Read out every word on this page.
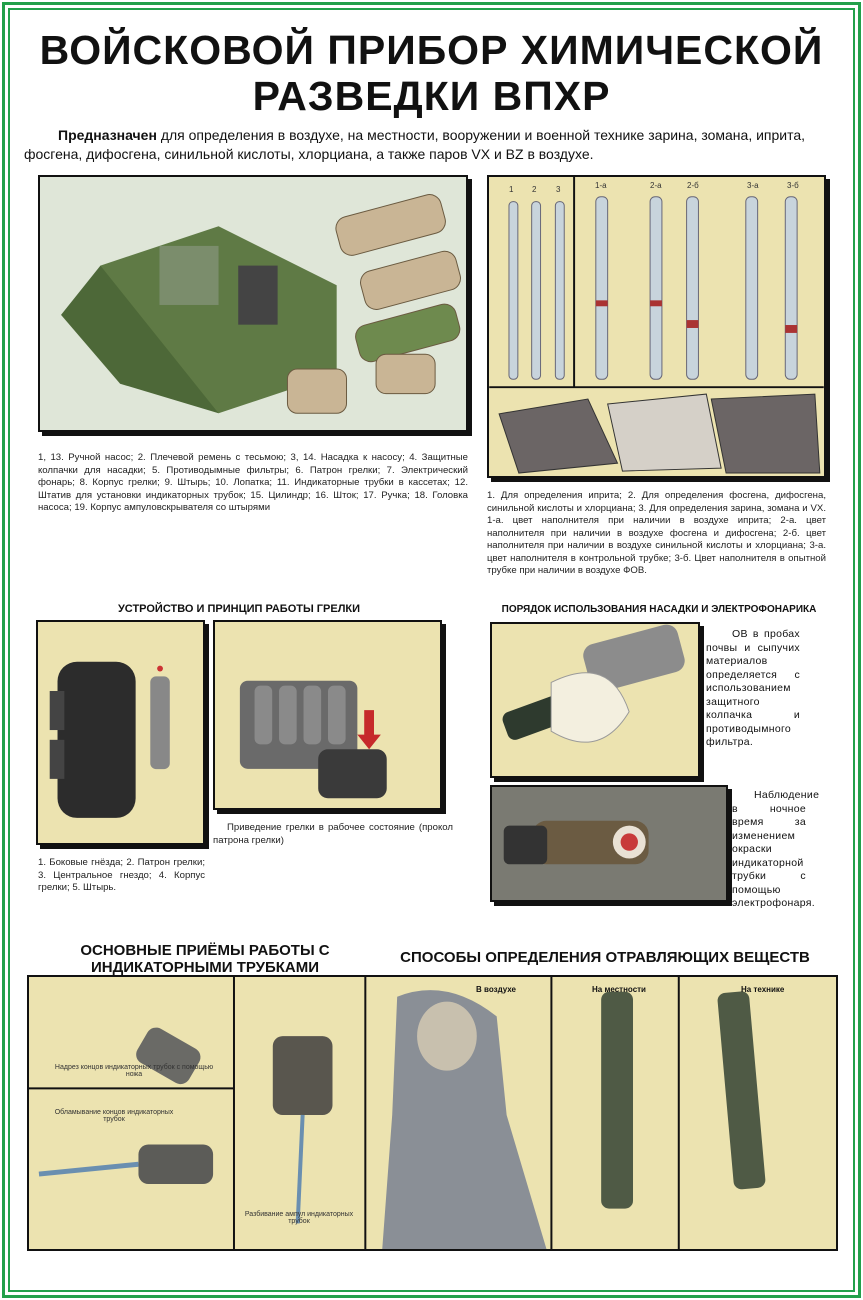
ВОЙСКОВОЙ ПРИБОР ХИМИЧЕСКОЙ
РАЗВЕДКИ ВПХР
Предназначен для определения в воздухе, на местности, вооружении и военной технике зарина, зомана, иприта, фосгена, дифосгена, синильной кислоты, хлорциана, а также паров VX и BZ в воздухе.
1, 13. Ручной насос; 2. Плечевой ремень с тесьмою; 3, 14. Насадка к насосу; 4. Защитные колпачки для насадки; 5. Противодымные фильтры; 6. Патрон грелки; 7. Электрический фонарь; 8. Корпус грелки; 9. Штырь; 10. Лопатка; 11. Индикаторные трубки в кассетах; 12. Штатив для установки индикаторных трубок; 15. Цилиндр; 16. Шток; 17. Ручка; 18. Головка насоса; 19. Корпус ампуловскрывателя со штырями
1 2 3	1-а	2-а	2-б	3-а	3-б
1. Для определения иприта; 2. Для определения фосгена, дифосгена, синильной кислоты и хлорциана; 3. Для определения зарина, зомана и VX. 1-а. цвет наполнителя при наличии в воздухе иприта; 2-а. цвет наполнителя при наличии в воздухе фосгена и дифосгена; 2-б. цвет наполнителя при наличии в воздухе синильной кислоты и хлорциана; 3-а. цвет наполнителя в контрольной трубке; 3-б. Цвет наполнителя в опытной трубке при наличии в воздухе ФОВ.
УСТРОЙСТВО И ПРИНЦИП РАБОТЫ ГРЕЛКИ
Приведение грелки в рабочее состояние (прокол патрона грелки)
1. Боковые гнёзда; 2. Патрон грелки; 3. Центральное гнездо; 4. Корпус грелки; 5. Штырь.
ПОРЯДОК ИСПОЛЬЗОВАНИЯ НАСАДКИ И ЭЛЕКТРОФОНАРИКА
ОВ в пробах почвы и сыпучих материалов определяется с использованием защитного колпачка и противодымного фильтра.
Наблюдение в ночное время за изменением окраски индикаторной трубки с помощью электрофонаря.
ОСНОВНЫЕ ПРИЁМЫ РАБОТЫ С ИНДИКАТОРНЫМИ ТРУБКАМИ
СПОСОБЫ ОПРЕДЕЛЕНИЯ ОТРАВЛЯЮЩИХ ВЕЩЕСТВ
Надрез концов индикаторных трубок с помощью ножа
Обламывание концов индикаторных трубок
Разбивание ампул индикаторных трубок
В воздухе	На местности	На технике
